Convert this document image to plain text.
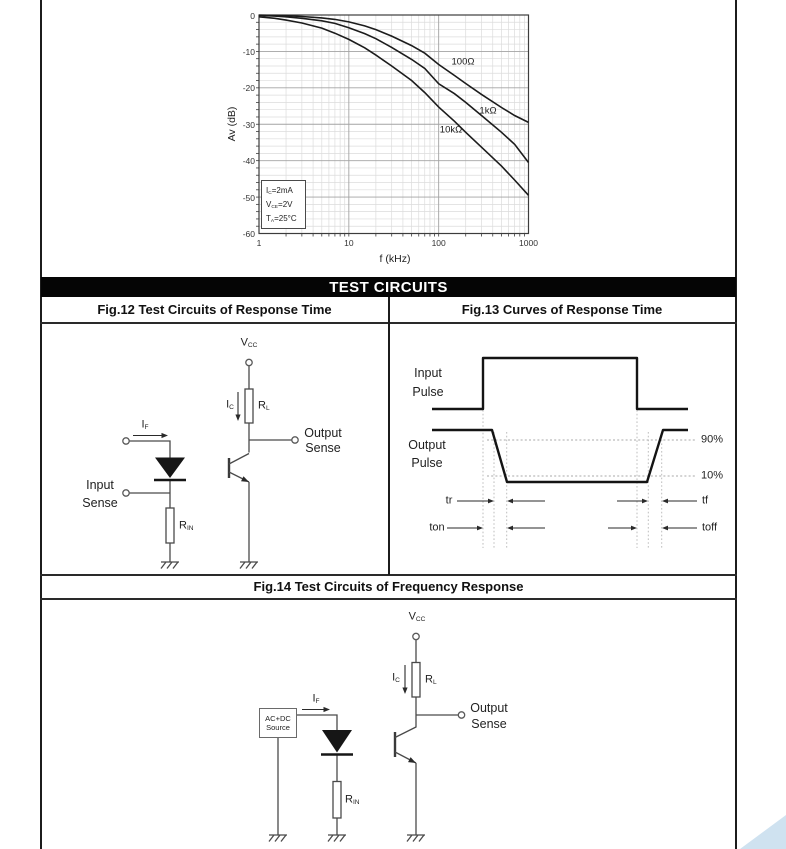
1	10	100	1000
0
-10
-20
-30
-40
-50
-60
Av (dB)
f (kHz)
100Ω
1kΩ
10kΩ
$I_C=2mA$
$V_{CE}=2V$
$T_A=25^\circ C$
TEST CIRCUITS
Fig.12 Test Circuits of Response Time	Fig.13 Curves of Response Time
Fig.14 Test Circuits of Frequency Response
$I_F$
Input
Sense
$R_{IN}$
$V_{CC}$
$I_C$ $R_L$
Output
Sense
Input
Pulse
Output
Pulse
90%
10%
tr	tf
ton	toff
AC+DC
Source
$I_F$
$R_{IN}$
$V_{CC}$
$I_C$ $R_L$
Output
Sense
